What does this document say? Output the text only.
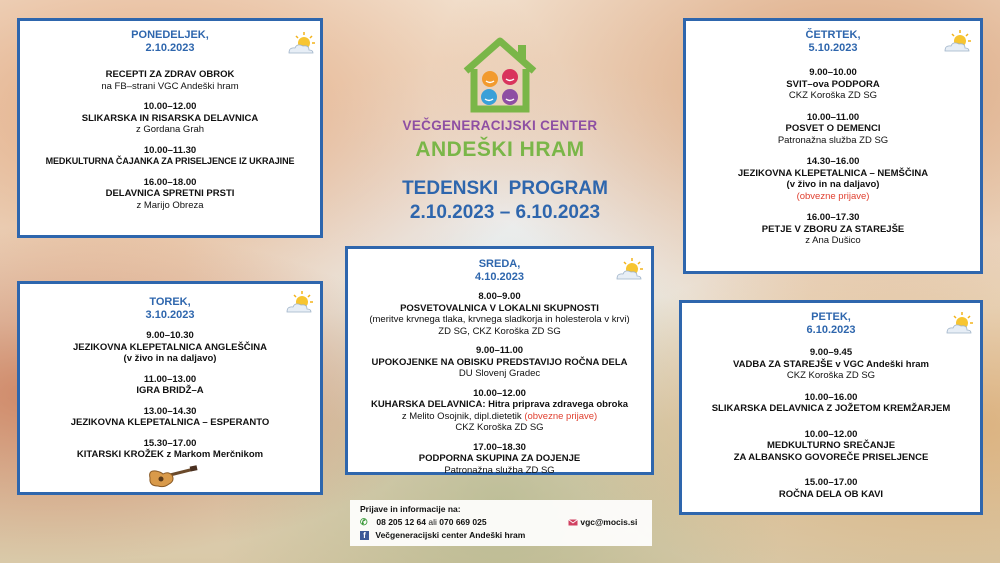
PONEDELJEK,
2.10.2023
RECEPTI ZA ZDRAV OBROK
na FB–strani VGC Andeški hram
10.00–12.00
SLIKARSKA IN RISARSKA DELAVNICA
z Gordana Grah
10.00–11.30
MEDKULTURNA ČAJANKA ZA PRISELJENCE IZ UKRAJINE
16.00–18.00
DELAVNICA SPRETNI PRSTI
z Marijo Obreza
TOREK,
3.10.2023
9.00–10.30
JEZIKOVNA KLEPETALNICA ANGLEŠČINA
(v živo in na daljavo)
11.00–13.00
IGRA BRIDŽ–A
13.00–14.30
JEZIKOVNA KLEPETALNICA – ESPERANTO
15.30–17.00
KITARSKI KROŽEK z Markom Merčnikom
VEČGENERACIJSKI CENTER
ANDEŠKI HRAM
TEDENSKI  PROGRAM
2.10.2023 – 6.10.2023
SREDA,
4.10.2023
8.00–9.00
POSVETOVALNICA V LOKALNI SKUPNOSTI
(meritve krvnega tlaka, krvnega sladkorja in holesterola v krvi)
ZD SG, CKZ Koroška ZD SG
9.00–11.00
UPOKOJENKE NA OBISKU PREDSTAVIJO ROČNA DELA
DU Slovenj Gradec
10.00–12.00
KUHARSKA DELAVNICA: Hitra priprava zdravega obroka
z Melito Osojnik, dipl.dietetik (obvezne prijave)
CKZ Koroška ZD SG
17.00–18.30
PODPORNA SKUPINA ZA DOJENJE
Patronažna služba ZD SG
Prijave in informacije na:
✆ 08 205 12 64 ali 070 669 025	vgc@mocis.si
f Večgeneracijski center Andeški hram
ČETRTEK,
5.10.2023
9.00–10.00
SVIT–ova PODPORA
CKZ Koroška ZD SG
10.00–11.00
POSVET O DEMENCI
Patronažna služba ZD SG
14.30–16.00
JEZIKOVNA KLEPETALNICA – NEMŠČINA
(v živo in na daljavo)
(obvezne prijave)
16.00–17.30
PETJE V ZBORU ZA STAREJŠE
z Ana Dušico
PETEK,
6.10.2023
9.00–9.45
VADBA ZA STAREJŠE v VGC Andeški hram
CKZ Koroška ZD SG
10.00–16.00
SLIKARSKA DELAVNICA Z JOŽETOM KREMŽARJEM
10.00–12.00
MEDKULTURNO SREČANJE
ZA ALBANSKO GOVOREČE PRISELJENCE
15.00–17.00
ROČNA DELA OB KAVI
